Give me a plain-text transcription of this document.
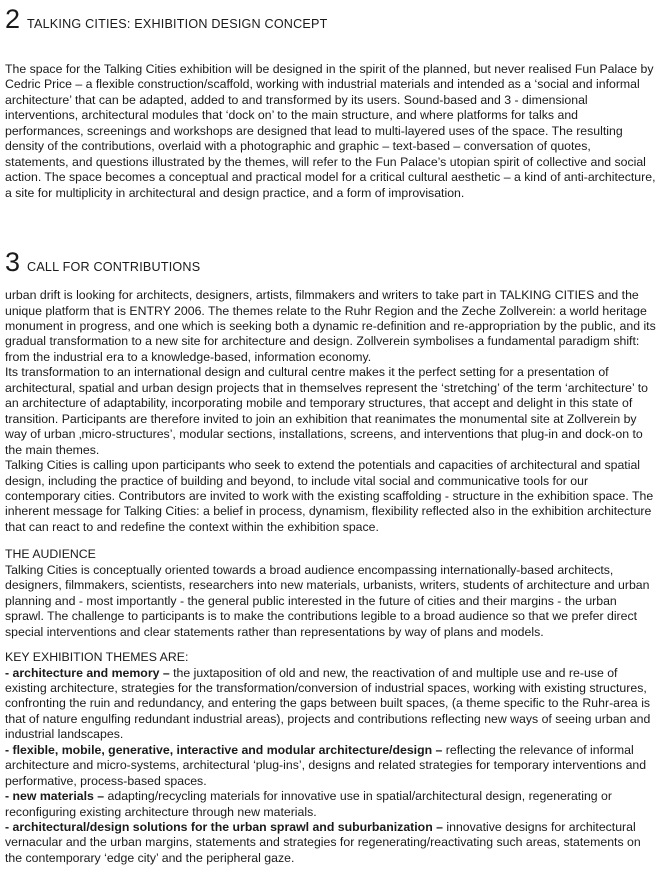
2 TALKING CITIES: EXHIBITION DESIGN CONCEPT

The space for the Talking Cities exhibition will be designed in the spirit of the planned, but never realised Fun Palace by Cedric Price – a flexible construction/scaffold, working with industrial materials and intended as a ‘social and informal architecture’ that can be adapted, added to and transformed by its users. Sound-based and 3 - dimensional interventions, architectural modules that ‘dock on’ to the main structure, and where platforms for talks and performances, screenings and workshops are designed that lead to multi-layered uses of the space. The resulting density of the contributions, overlaid with a photographic and graphic – text-based – conversation of quotes, statements, and questions illustrated by the themes, will refer to the Fun Palace’s utopian spirit of collective and social action. The space becomes a conceptual and practical model for a critical cultural aesthetic – a kind of anti-architecture, a site for multiplicity in architectural and design practice, and a form of improvisation.

3 CALL FOR CONTRIBUTIONS

urban drift is looking for architects, designers, artists, filmmakers and writers to take part in TALKING CITIES and the unique platform that is ENTRY 2006. The themes relate to the Ruhr Region and the Zeche Zollverein: a world heritage monument in progress, and one which is seeking both a dynamic re-definition and re-appropriation by the public, and its gradual transformation to a new site for architecture and design. Zollverein symbolises a fundamental paradigm shift: from the industrial era to a knowledge-based, information economy.

Its transformation to an international design and cultural centre makes it the perfect setting for a presentation of architectural, spatial and urban design projects that in themselves represent the ‘stretching’ of the term ‘architecture’ to an architecture of adaptability, incorporating mobile and temporary structures, that accept and delight in this state of transition. Participants are therefore invited to join an exhibition that reanimates the monumental site at Zollverein by way of urban ‚micro-structures’, modular sections, installations, screens, and interventions that plug-in and dock-on to the main themes.

Talking Cities is calling upon participants who seek to extend the potentials and capacities of architectural and spatial design, including the practice of building and beyond, to include vital social and communicative tools for our contemporary cities. Contributors are invited to work with the existing scaffolding - structure in the exhibition space. The inherent message for Talking Cities: a belief in process, dynamism, flexibility reflected also in the exhibition architecture that can react to and redefine the context within the exhibition space.

THE AUDIENCE

Talking Cities is conceptually oriented towards a broad audience encompassing internationally-based architects, designers, filmmakers, scientists, researchers into new materials, urbanists, writers, students of architecture and urban planning and - most importantly - the general public interested in the future of cities and their margins - the urban sprawl. The challenge to participants is to make the contributions legible to a broad audience so that we prefer direct special interventions and clear statements rather than representations by way of plans and models.

KEY EXHIBITION THEMES ARE:

- architecture and memory – the juxtaposition of old and new, the reactivation of and multiple use and re-use of existing architecture, strategies for the transformation/conversion of industrial spaces, working with existing structures, confronting the ruin and redundancy, and entering the gaps between built spaces, (a theme specific to the Ruhr-area is that of nature engulfing redundant industrial areas), projects and contributions reflecting new ways of seeing urban and industrial landscapes.

- flexible, mobile, generative, interactive and modular architecture/design – reflecting the relevance of informal architecture and micro-systems, architectural ‘plug-ins’, designs and related strategies for temporary interventions and performative, process-based spaces.

- new materials – adapting/recycling materials for innovative use in spatial/architectural design, regenerating or reconfiguring existing architecture through new materials.

- architectural/design solutions for the urban sprawl and suburbanization – innovative designs for architectural vernacular and the urban margins, statements and strategies for regenerating/reactivating such areas, statements on the contemporary ‘edge city’ and the peripheral gaze.
